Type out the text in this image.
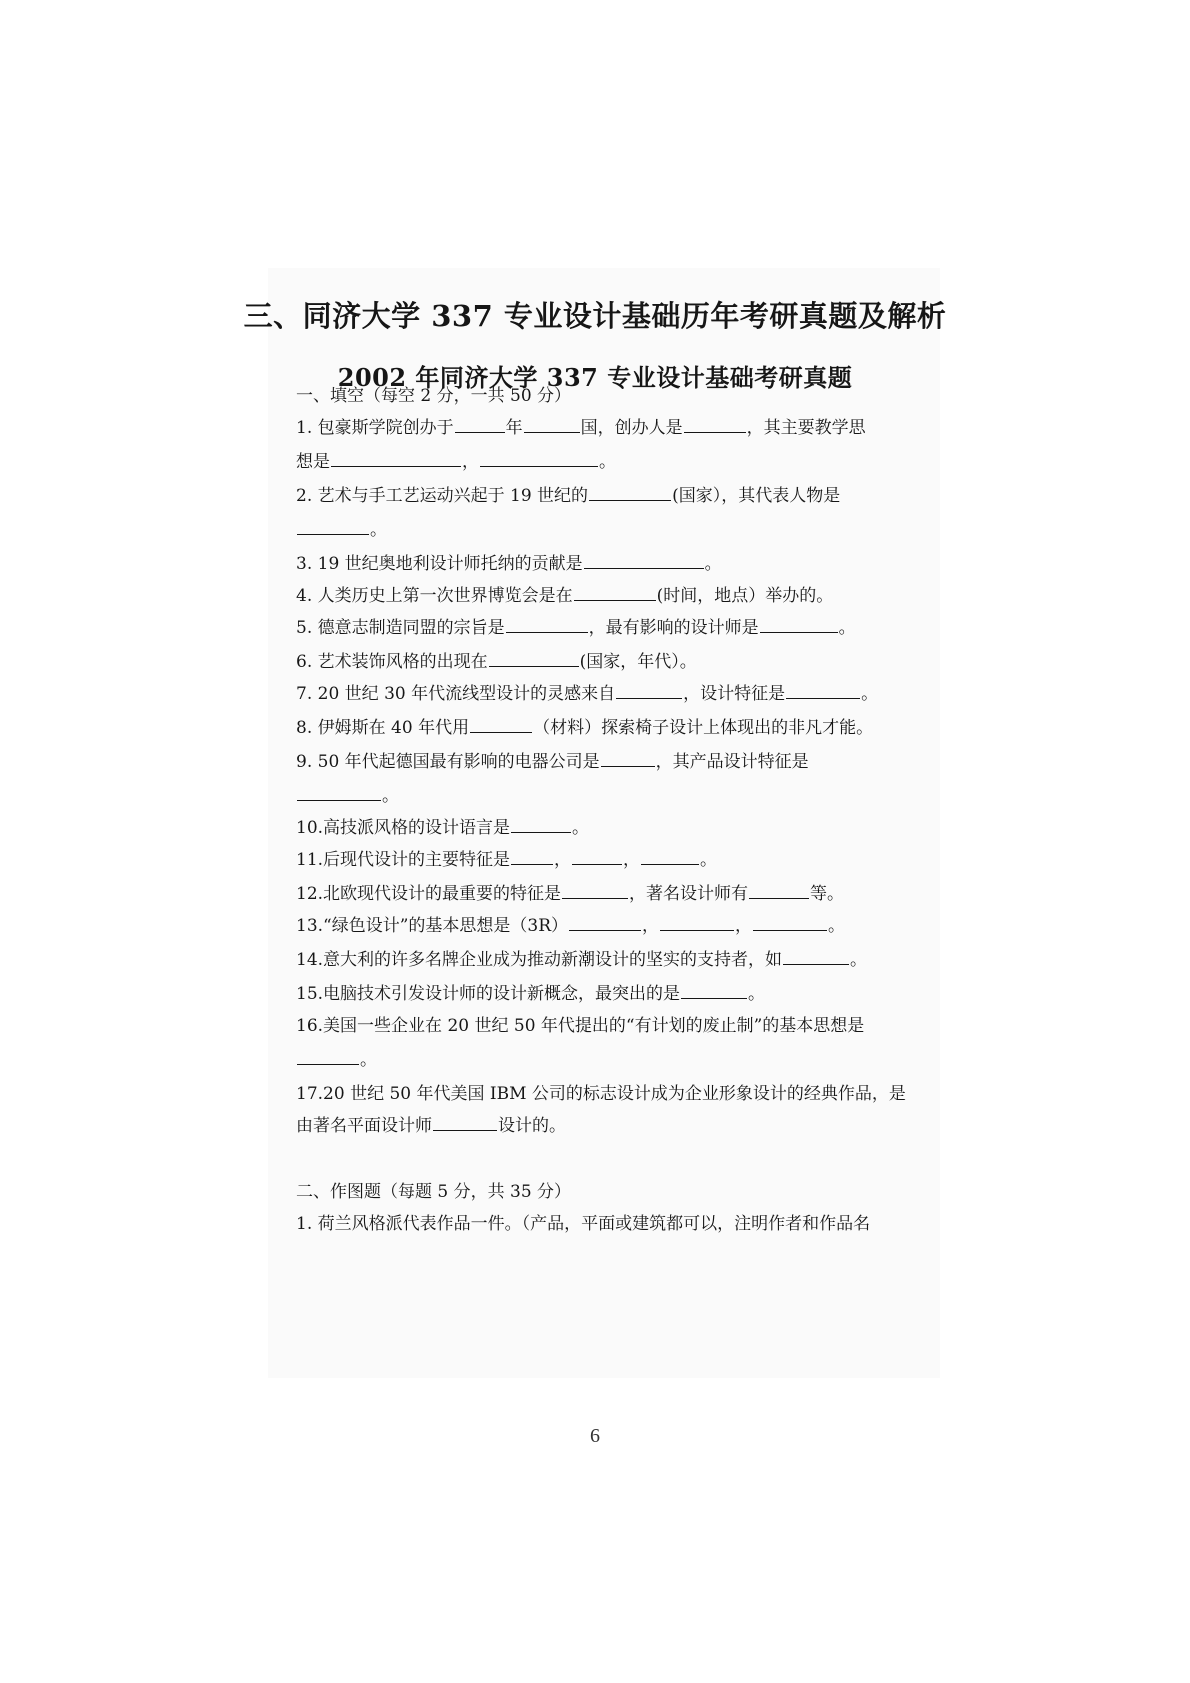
三、同济大学 337 专业设计基础历年考研真题及解析
2002 年同济大学 337 专业设计基础考研真题
一、填空（每空 2 分，一共 50 分）
1. 包豪斯学院创办于	年	国，创办人是	，其主要教学思
想是	，	。
2. 艺术与手工艺运动兴起于 19 世纪的	(国家），其代表人物是
。
3. 19 世纪奥地利设计师托纳的贡献是	。
4. 人类历史上第一次世界博览会是在	(时间，地点）举办的。
5. 德意志制造同盟的宗旨是	，最有影响的设计师是	。
6. 艺术装饰风格的出现在	(国家，年代）。
7. 20 世纪 30 年代流线型设计的灵感来自	，设计特征是	。
8. 伊姆斯在 40 年代用	（材料）探索椅子设计上体现出的非凡才能。
9. 50 年代起德国最有影响的电器公司是	，其产品设计特征是
。
10.高技派风格的设计语言是	。
11.后现代设计的主要特征是	，	，	。
12.北欧现代设计的最重要的特征是	，著名设计师有	等。
13.“绿色设计”的基本思想是（3R）	，	，	。
14.意大利的许多名牌企业成为推动新潮设计的坚实的支持者，如	。
15.电脑技术引发设计师的设计新概念，最突出的是	。
16.美国一些企业在 20 世纪 50 年代提出的“有计划的废止制”的基本思想是
。
17.20 世纪 50 年代美国 IBM 公司的标志设计成为企业形象设计的经典作品，是
由著名平面设计师	设计的。
二、作图题（每题 5 分，共 35 分）
1. 荷兰风格派代表作品一件。（产品，平面或建筑都可以，注明作者和作品名
6
